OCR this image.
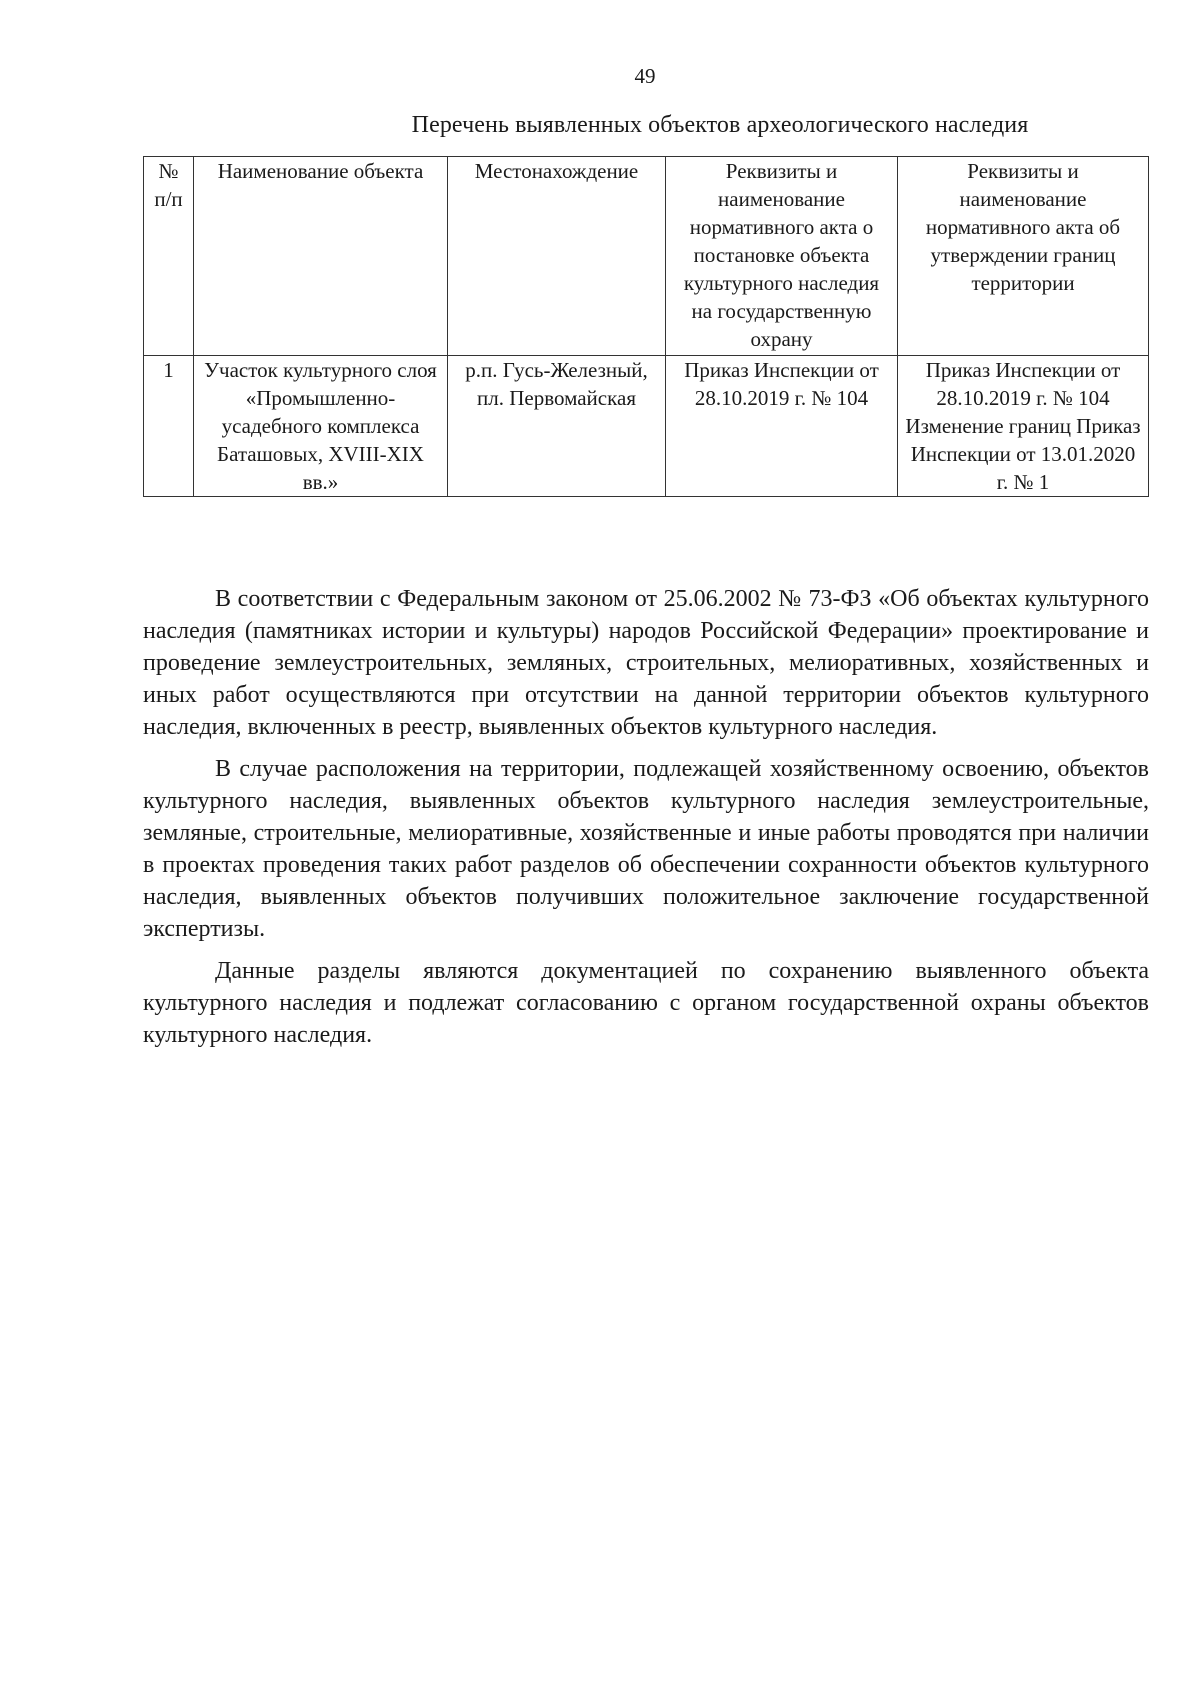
49
Перечень выявленных объектов археологического наследия
№ п/п	Наименование объекта	Местонахождение	Реквизиты и наименование нормативного акта о постановке объекта культурного наследия на государственную охрану	Реквизиты и наименование нормативного акта об утверждении границ территории
1	Участок культурного слоя «Промышленно-усадебного комплекса Баташовых, XVIII-XIX вв.»	р.п. Гусь-Железный, пл. Первомайская	Приказ Инспекции от 28.10.2019 г. № 104	Приказ Инспекции от 28.10.2019 г. № 104 Изменение границ Приказ Инспекции от 13.01.2020 г. № 1

В соответствии с Федеральным законом от 25.06.2002 № 73-ФЗ «Об объектах культурного наследия (памятниках истории и культуры) народов Российской Федерации» проектирование и проведение землеустроительных, земляных, строительных, мелиоративных, хозяйственных и иных работ осуществляются при отсутствии на данной территории объектов культурного наследия, включенных в реестр, выявленных объектов культурного наследия.

В случае расположения на территории, подлежащей хозяйственному освоению, объектов культурного наследия, выявленных объектов культурного наследия землеустроительные, земляные, строительные, мелиоративные, хозяйственные и иные работы проводятся при наличии в проектах проведения таких работ разделов об обеспечении сохранности объектов культурного наследия, выявленных объектов получивших положительное заключение государственной экспертизы.

Данные разделы являются документацией по сохранению выявленного объекта культурного наследия и подлежат согласованию с органом государственной охраны объектов культурного наследия.
